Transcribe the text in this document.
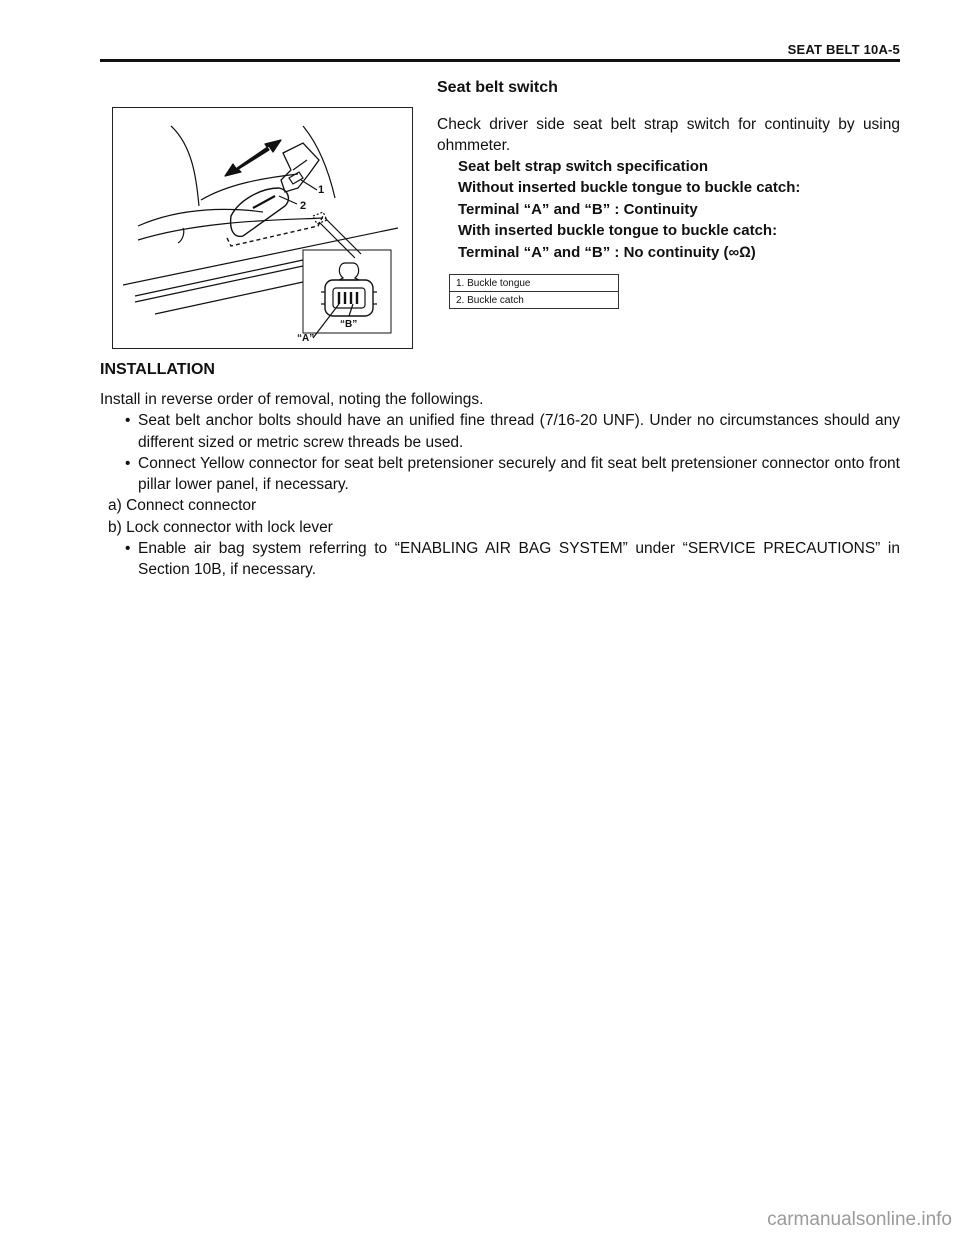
SEAT BELT 10A-5
1
2
“A”
“B”
Seat belt switch
Check driver side seat belt strap switch for continuity by using ohmmeter.
Seat belt strap switch specification
Without inserted buckle tongue to buckle catch:
Terminal “A” and “B” : Continuity
With inserted buckle tongue to buckle catch:
Terminal “A” and “B” : No continuity (∞Ω)
1. Buckle tongue
2. Buckle catch
INSTALLATION

Install in reverse order of removal, noting the followings.

• Seat belt anchor bolts should have an unified fine thread (7/16-20 UNF). Under no circumstances should any different sized or metric screw threads be used.

• Connect Yellow connector for seat belt pretensioner securely and fit seat belt pretensioner connector onto front pillar lower panel, if necessary.

a) Connect connector

b) Lock connector with lock lever

• Enable air bag system referring to “ENABLING AIR BAG SYSTEM” under “SERVICE PRECAUTIONS” in Section 10B, if necessary.

carmanualsonline.info
